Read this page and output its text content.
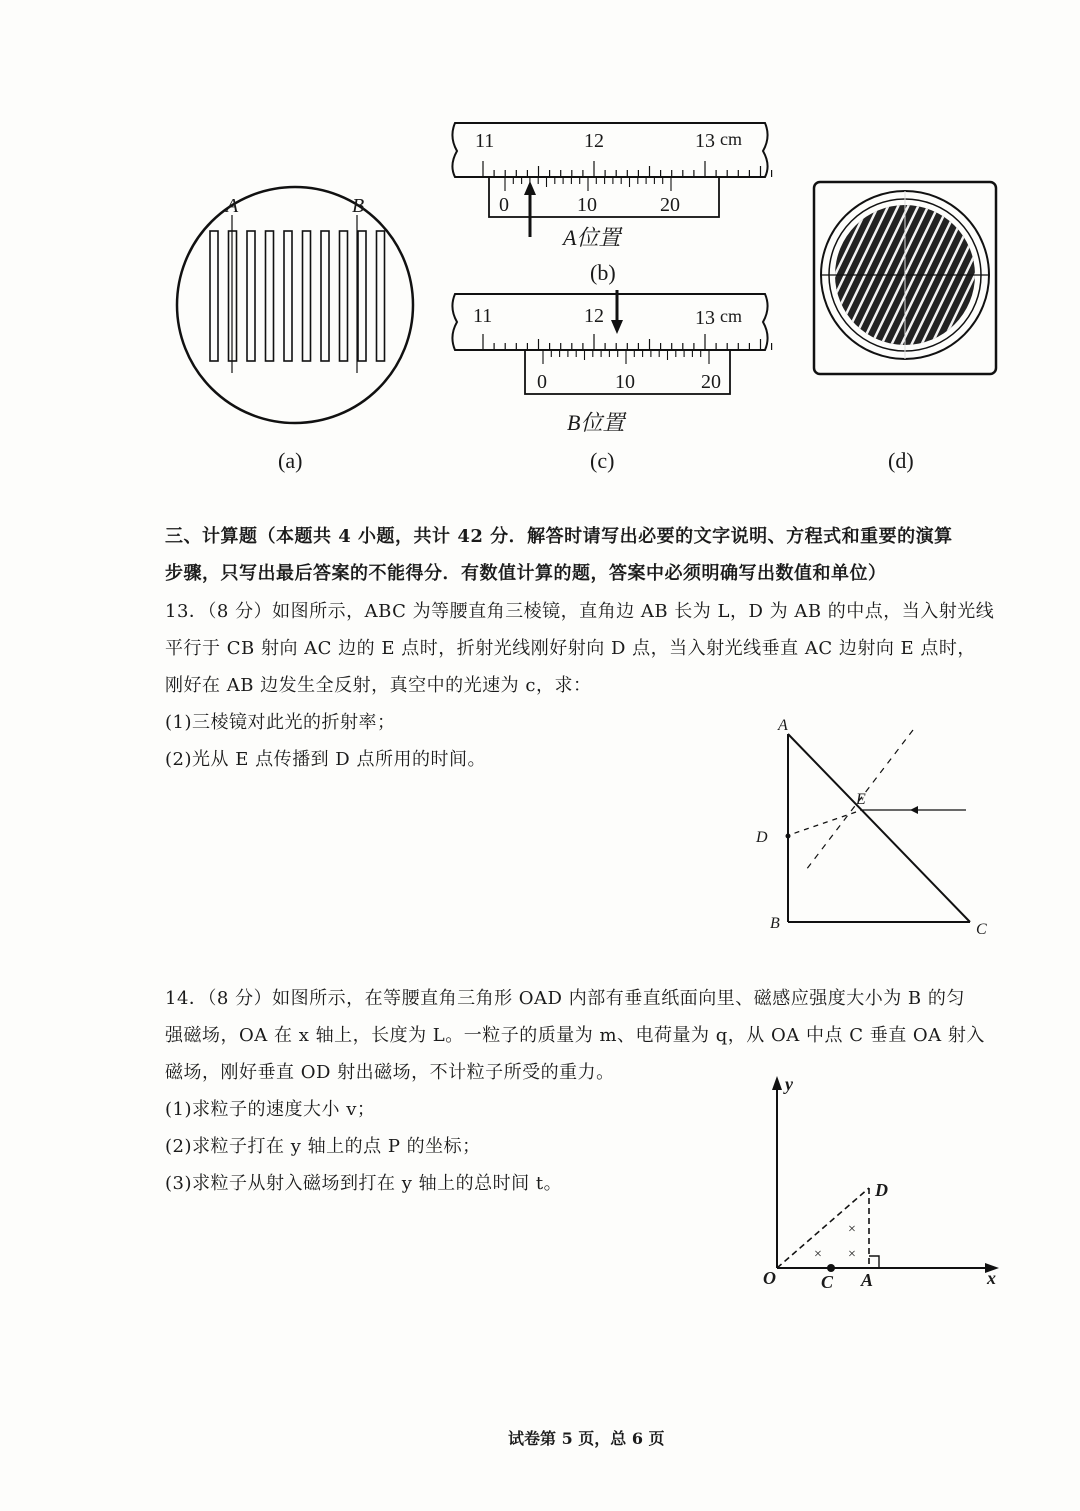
A	B
(a)
11	12	13 cm
0	10	20
A位置
(b)
11	12	13 cm
0	10	20
B位置
(c)	(d)
三、计算题（本题共 4 小题，共计 42 分．解答时请写出必要的文字说明、方程式和重要的演算
步骤，只写出最后答案的不能得分．有数值计算的题，答案中必须明确写出数值和单位）
13．（8 分）如图所示，ABC 为等腰直角三棱镜，直角边 AB 长为 L，D 为 AB 的中点，当入射光线
平行于 CB 射向 AC 边的 E 点时，折射光线刚好射向 D 点，当入射光线垂直 AC 边射向 E 点时，
刚好在 AB 边发生全反射，真空中的光速为 c，求：
(1)三棱镜对此光的折射率；
(2)光从 E 点传播到 D 点所用的时间。
A
B	C
D
E
14．（8 分）如图所示，在等腰直角三角形 OAD 内部有垂直纸面向里、磁感应强度大小为 B 的匀
强磁场，OA 在 x 轴上，长度为 L。一粒子的质量为 m、电荷量为 q，从 OA 中点 C 垂直 OA 射入
磁场，刚好垂直 OD 射出磁场，不计粒子所受的重力。
(1)求粒子的速度大小 v；
(2)求粒子打在 y 轴上的点 P 的坐标；
(3)求粒子从射入磁场到打在 y 轴上的总时间 t。
×
× ×
y
x
O	C A
D
试卷第 5 页，总 6 页
